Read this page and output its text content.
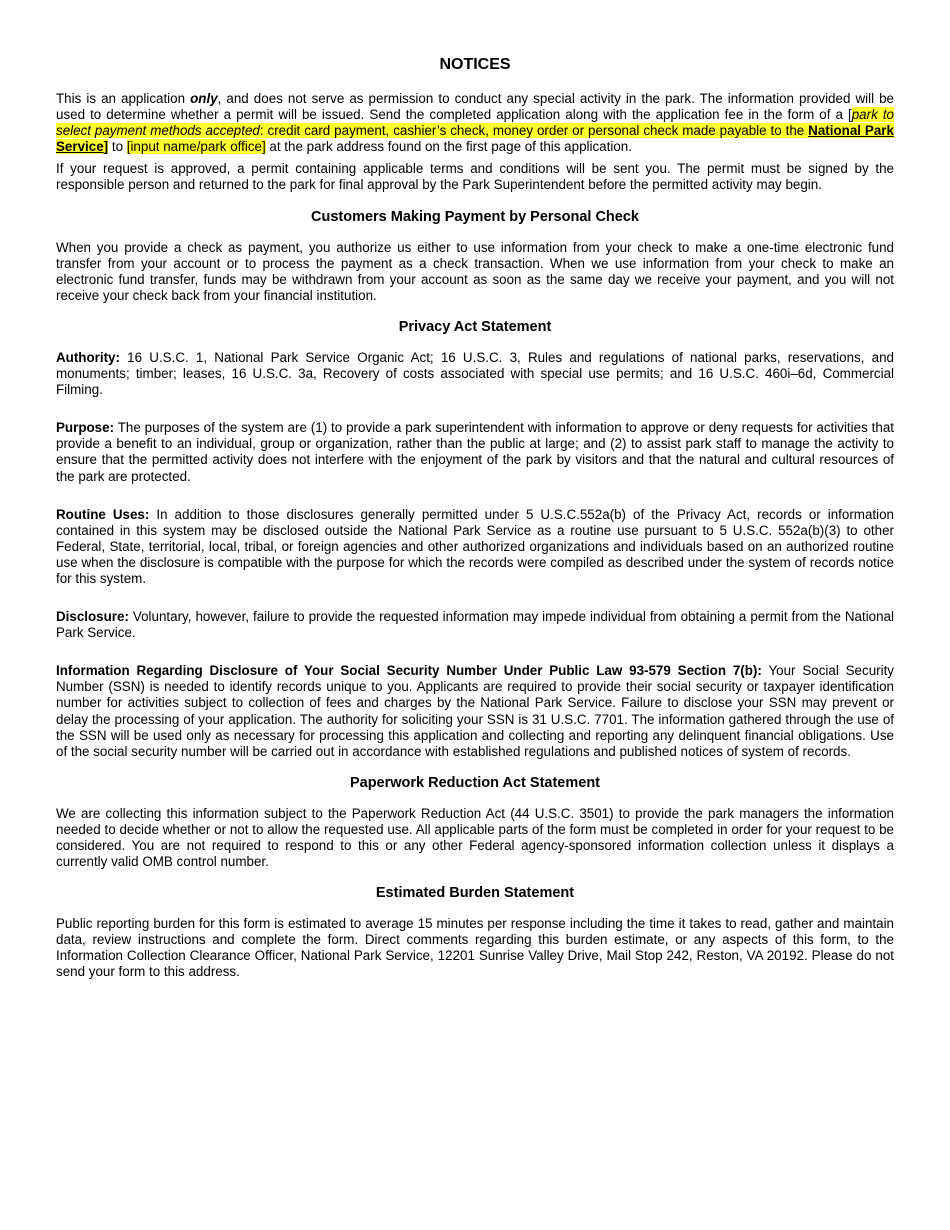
NOTICES

This is an application only, and does not serve as permission to conduct any special activity in the park. The information provided will be used to determine whether a permit will be issued. Send the completed application along with the application fee in the form of a [park to select payment methods accepted: credit card payment, cashier’s check, money order or personal check made payable to the National Park Service] to [input name/park office] at the park address found on the first page of this application.

If your request is approved, a permit containing applicable terms and conditions will be sent you. The permit must be signed by the responsible person and returned to the park for final approval by the Park Superintendent before the permitted activity may begin.

Customers Making Payment by Personal Check

When you provide a check as payment, you authorize us either to use information from your check to make a one-time electronic fund transfer from your account or to process the payment as a check transaction. When we use information from your check to make an electronic fund transfer, funds may be withdrawn from your account as soon as the same day we receive your payment, and you will not receive your check back from your financial institution.

Privacy Act Statement

Authority: 16 U.S.C. 1, National Park Service Organic Act; 16 U.S.C. 3, Rules and regulations of national parks, reservations, and monuments; timber; leases, 16 U.S.C. 3a, Recovery of costs associated with special use permits; and 16 U.S.C. 460i–6d, Commercial Filming.

Purpose: The purposes of the system are (1) to provide a park superintendent with information to approve or deny requests for activities that provide a benefit to an individual, group or organization, rather than the public at large; and (2) to assist park staff to manage the activity to ensure that the permitted activity does not interfere with the enjoyment of the park by visitors and that the natural and cultural resources of the park are protected.

Routine Uses: In addition to those disclosures generally permitted under 5 U.S.C.552a(b) of the Privacy Act, records or information contained in this system may be disclosed outside the National Park Service as a routine use pursuant to 5 U.S.C. 552a(b)(3) to other Federal, State, territorial, local, tribal, or foreign agencies and other authorized organizations and individuals based on an authorized routine use when the disclosure is compatible with the purpose for which the records were compiled as described under the system of records notice for this system.

Disclosure: Voluntary, however, failure to provide the requested information may impede individual from obtaining a permit from the National Park Service.

Information Regarding Disclosure of Your Social Security Number Under Public Law 93-579 Section 7(b): Your Social Security Number (SSN) is needed to identify records unique to you. Applicants are required to provide their social security or taxpayer identification number for activities subject to collection of fees and charges by the National Park Service. Failure to disclose your SSN may prevent or delay the processing of your application. The authority for soliciting your SSN is 31 U.S.C. 7701. The information gathered through the use of the SSN will be used only as necessary for processing this application and collecting and reporting any delinquent financial obligations. Use of the social security number will be carried out in accordance with established regulations and published notices of system of records.

Paperwork Reduction Act Statement

We are collecting this information subject to the Paperwork Reduction Act (44 U.S.C. 3501) to provide the park managers the information needed to decide whether or not to allow the requested use. All applicable parts of the form must be completed in order for your request to be considered. You are not required to respond to this or any other Federal agency-sponsored information collection unless it displays a currently valid OMB control number.

Estimated Burden Statement

Public reporting burden for this form is estimated to average 15 minutes per response including the time it takes to read, gather and maintain data, review instructions and complete the form. Direct comments regarding this burden estimate, or any aspects of this form, to the Information Collection Clearance Officer, National Park Service, 12201 Sunrise Valley Drive, Mail Stop 242, Reston, VA 20192. Please do not send your form to this address.
